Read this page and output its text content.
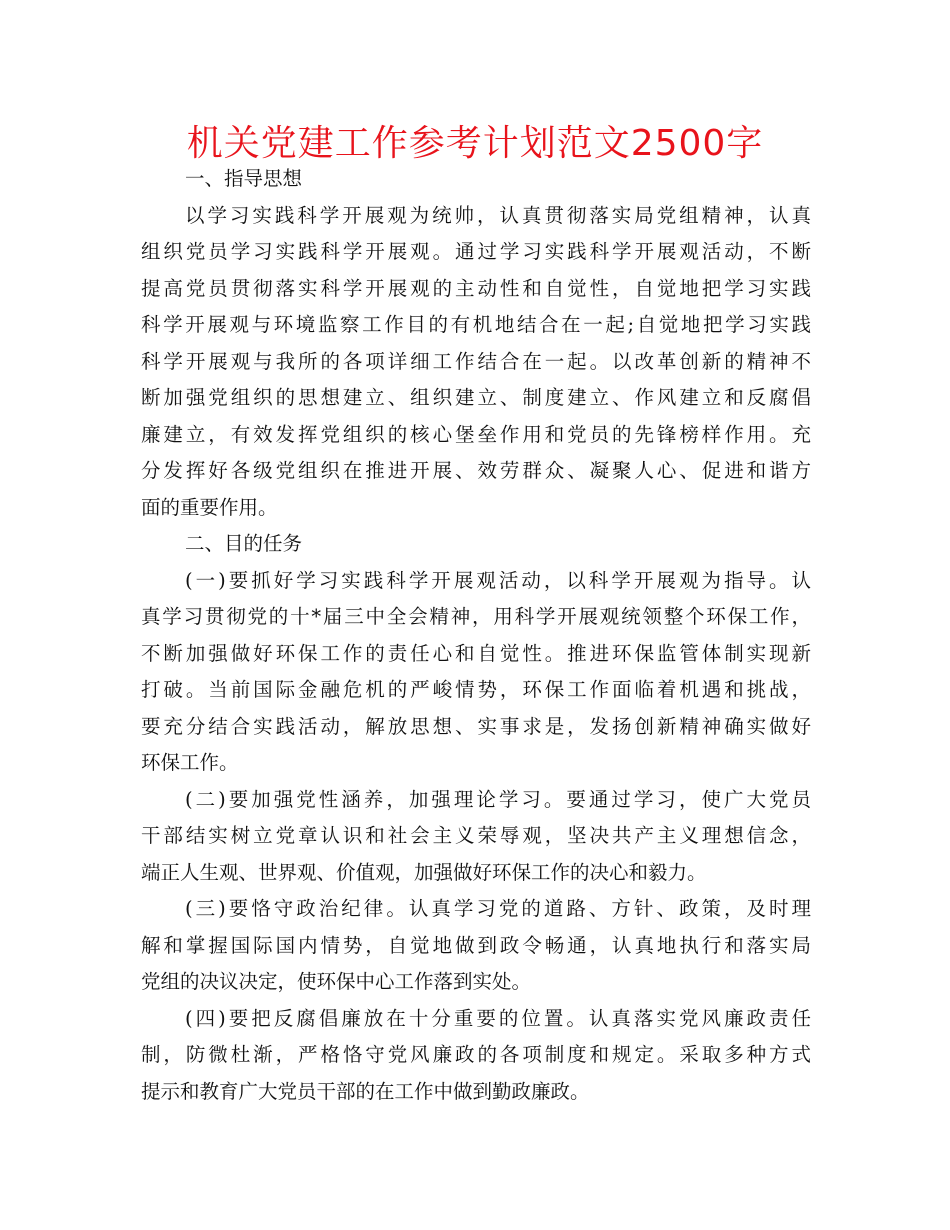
机关党建工作参考计划范文2500字

一、指导思想

以学习实践科学开展观为统帅，认真贯彻落实局党组精神，认真
组织党员学习实践科学开展观。通过学习实践科学开展观活动，不断
提高党员贯彻落实科学开展观的主动性和自觉性，自觉地把学习实践
科学开展观与环境监察工作目的有机地结合在一起;自觉地把学习实践
科学开展观与我所的各项详细工作结合在一起。以改革创新的精神不
断加强党组织的思想建立、组织建立、制度建立、作风建立和反腐倡
廉建立，有效发挥党组织的核心堡垒作用和党员的先锋榜样作用。充
分发挥好各级党组织在推进开展、效劳群众、凝聚人心、促进和谐方
面的重要作用。

二、目的任务

(一)要抓好学习实践科学开展观活动，以科学开展观为指导。认
真学习贯彻党的十*届三中全会精神，用科学开展观统领整个环保工作，
不断加强做好环保工作的责任心和自觉性。推进环保监管体制实现新
打破。当前国际金融危机的严峻情势，环保工作面临着机遇和挑战，
要充分结合实践活动，解放思想、实事求是，发扬创新精神确实做好
环保工作。

(二)要加强党性涵养，加强理论学习。要通过学习，使广大党员
干部结实树立党章认识和社会主义荣辱观，坚决共产主义理想信念，
端正人生观、世界观、价值观，加强做好环保工作的决心和毅力。

(三)要恪守政治纪律。认真学习党的道路、方针、政策，及时理
解和掌握国际国内情势，自觉地做到政令畅通，认真地执行和落实局
党组的决议决定，使环保中心工作落到实处。

(四)要把反腐倡廉放在十分重要的位置。认真落实党风廉政责任
制，防微杜渐，严格恪守党风廉政的各项制度和规定。采取多种方式
提示和教育广大党员干部的在工作中做到勤政廉政。
